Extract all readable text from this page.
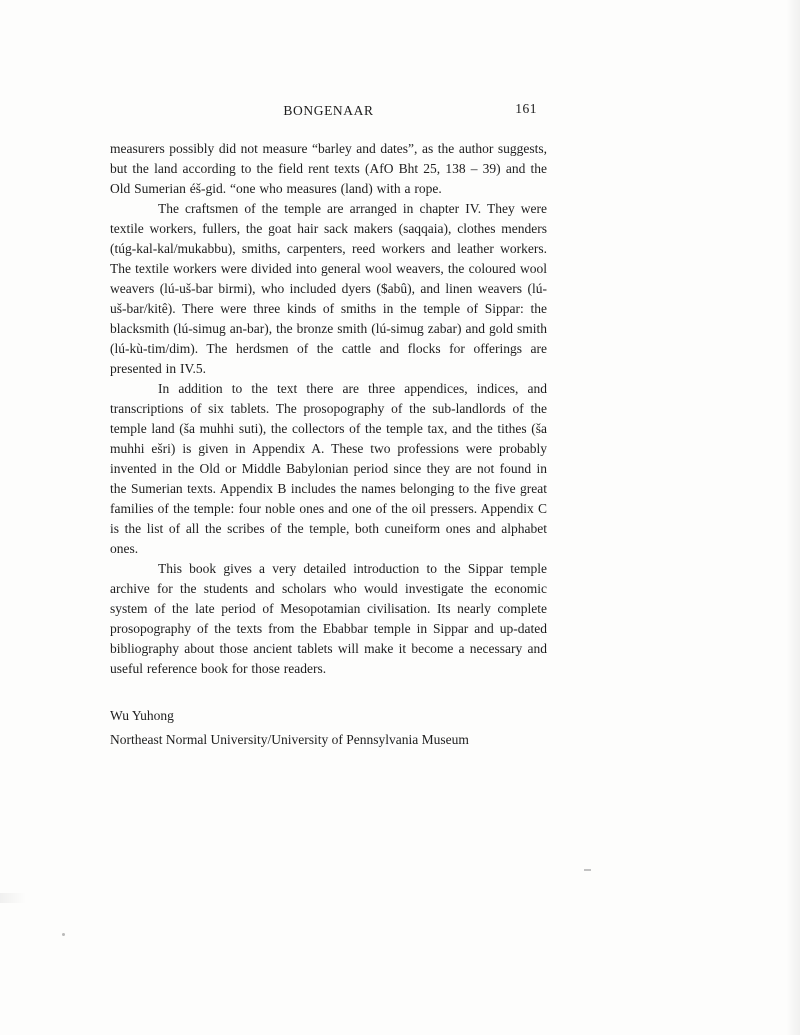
BONGENAAR	161

measurers possibly did not measure “barley and dates”, as the author suggests, but the land according to the field rent texts (AfO Bht 25, 138 – 39) and the Old Sumerian éš-gid. “one who measures (land) with a rope.

The craftsmen of the temple are arranged in chapter IV. They were textile workers, fullers, the goat hair sack makers (saqqaia), clothes menders (túg-kal-kal/mukabbu), smiths, carpenters, reed workers and leather workers. The textile workers were divided into general wool weavers, the coloured wool weavers (lú-uš-bar birmi), who included dyers ($abû), and linen weavers (lú-uš-bar/kitê). There were three kinds of smiths in the temple of Sippar: the blacksmith (lú-simug an-bar), the bronze smith (lú-simug zabar) and gold smith (lú-kù-tim/dim). The herdsmen of the cattle and flocks for offerings are presented in IV.5.

In addition to the text there are three appendices, indices, and transcriptions of six tablets. The prosopography of the sub-landlords of the temple land (ša muhhi suti), the collectors of the temple tax, and the tithes (ša muhhi ešri) is given in Appendix A. These two professions were probably invented in the Old or Middle Babylonian period since they are not found in the Sumerian texts. Appendix B includes the names belonging to the five great families of the temple: four noble ones and one of the oil pressers. Appendix C is the list of all the scribes of the temple, both cuneiform ones and alphabet ones.

This book gives a very detailed introduction to the Sippar temple archive for the students and scholars who would investigate the economic system of the late period of Mesopotamian civilisation. Its nearly complete prosopography of the texts from the Ebabbar temple in Sippar and up-dated bibliography about those ancient tablets will make it become a necessary and useful reference book for those readers.

Wu Yuhong

Northeast Normal University/University of Pennsylvania Museum
